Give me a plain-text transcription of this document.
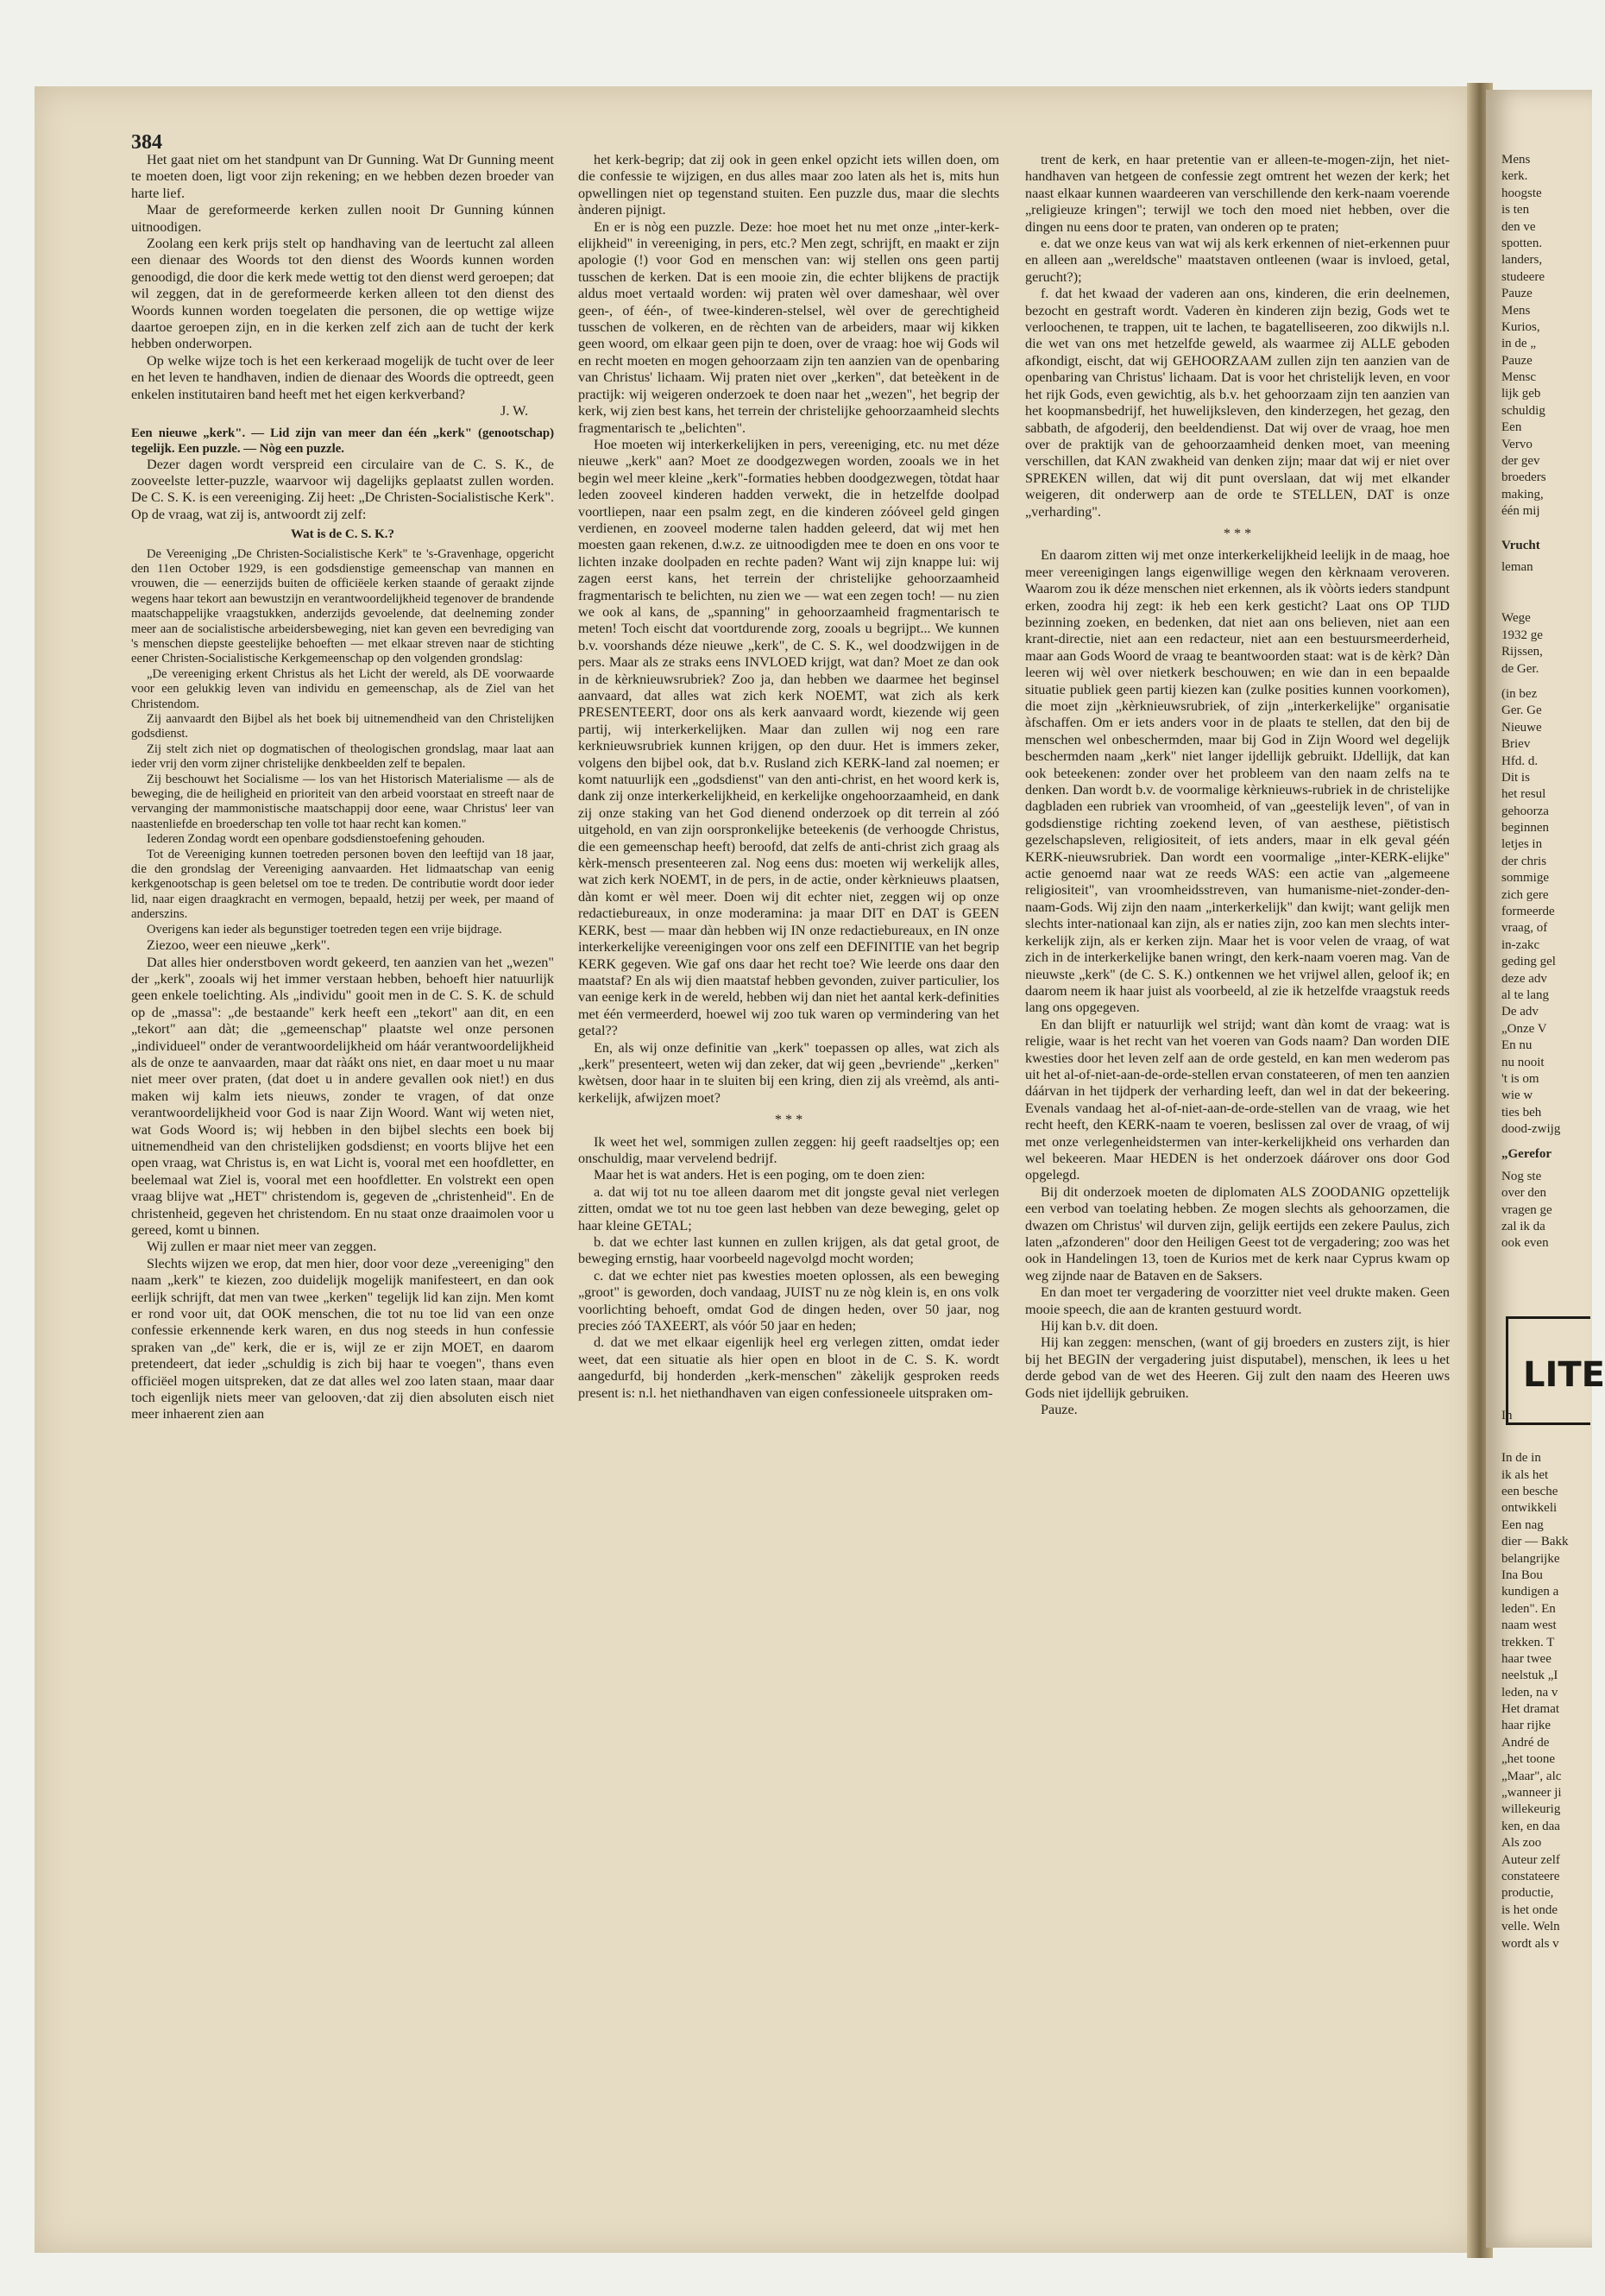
Mens
kerk.
hoogste
is ten
den ve
spotten.
landers,
studeere
Pauze
Mens
Kurios,
in de „
Pauze
Mensc
lijk geb
schuldig
Een
Vervo
der gev
broeders
making,
één mij
Vrucht
leman
Wege
1932 ge
Rijssen,
de Ger.
(in bez
Ger. Ge
Nieuwe
Briev
Hfd. d.
Dit is
het resul
gehoorza
beginnen
letjes in
der chris
sommige
zich gere
formeerde
vraag, of
in-zakc
geding gel
deze adv
al te lang
De adv
„Onze V
En nu
nu nooit
't is om
wie w
ties beh
dood-zwijg
„Gerefor
Nog ste
over den
vragen ge
zal ik da
ook even
In
In de in
ik als het
een besche
ontwikkeli
Een nag
dier — Bakk
belangrijke
Ina Bou
kundigen a
leden". En
naam west
trekken. T
haar twee
neelstuk „I
leden, na v
Het dramat
haar rijke
André de
„het toone
„Maar", alc
„wanneer ji
willekeurig
ken, en daa
Als zoo
Auteur zelf
constateere
productie,
is het onde
velle. Weln
wordt als v
384

Het gaat niet om het standpunt van Dr Gunning. Wat Dr Gunning meent te moeten doen, ligt voor zijn rekening; en we hebben dezen broeder van harte lief.

Maar de gereformeerde kerken zullen nooit Dr Gunning kúnnen uitnoodigen.

Zoolang een kerk prijs stelt op handhaving van de leertucht zal alleen een dienaar des Woords tot den dienst des Woords kunnen worden genoodigd, die door die kerk mede wettig tot den dienst werd geroepen; dat wil zeggen, dat in de gereformeerde kerken alleen tot den dienst des Woords kunnen worden toegelaten die personen, die op wettige wijze daartoe geroepen zijn, en in die kerken zelf zich aan de tucht der kerk hebben onderworpen.

Op welke wijze toch is het een kerkeraad mogelijk de tucht over de leer en het leven te handhaven, indien de dienaar des Woords die optreedt, geen enkelen institutairen band heeft met het eigen kerkverband?

J. W.

Een nieuwe „kerk". — Lid zijn van meer dan één „kerk" (genootschap) tegelijk. Een puzzle. — Nòg een puzzle.

Dezer dagen wordt verspreid een circulaire van de C. S. K., de zooveelste letter-puzzle, waarvoor wij dagelijks geplaatst zullen worden. De C. S. K. is een vereeniging. Zij heet: „De Christen-Socialistische Kerk". Op de vraag, wat zij is, antwoordt zij zelf:

Wat is de C. S. K.?

De Vereeniging „De Christen-Socialistische Kerk" te 's-Gravenhage, opgericht den 11en October 1929, is een godsdienstige gemeenschap van mannen en vrouwen, die — eenerzijds buiten de officiëele kerken staande of geraakt zijnde wegens haar tekort aan bewustzijn en verantwoordelijkheid tegenover de brandende maatschappelijke vraagstukken, anderzijds gevoelende, dat deelneming zonder meer aan de socialistische arbeidersbeweging, niet kan geven een bevrediging van 's menschen diepste geestelijke behoeften — met elkaar streven naar de stichting eener Christen-Socialistische Kerkgemeenschap op den volgenden grondslag:

„De vereeniging erkent Christus als het Licht der wereld, als DE voorwaarde voor een gelukkig leven van individu en gemeenschap, als de Ziel van het Christendom.

Zij aanvaardt den Bijbel als het boek bij uitnemendheid van den Christelijken godsdienst.

Zij stelt zich niet op dogmatischen of theologischen grondslag, maar laat aan ieder vrij den vorm zijner christelijke denkbeelden zelf te bepalen.

Zij beschouwt het Socialisme — los van het Historisch Materialisme — als de beweging, die de heiligheid en prioriteit van den arbeid voorstaat en streeft naar de vervanging der mammonistische maatschappij door eene, waar Christus' leer van naastenliefde en broederschap ten volle tot haar recht kan komen."

Iederen Zondag wordt een openbare godsdienstoefening gehouden.

Tot de Vereeniging kunnen toetreden personen boven den leeftijd van 18 jaar, die den grondslag der Vereeniging aanvaarden. Het lidmaatschap van eenig kerkgenootschap is geen beletsel om toe te treden. De contributie wordt door ieder lid, naar eigen draagkracht en vermogen, bepaald, hetzij per week, per maand of anderszins.

Overigens kan ieder als begunstiger toetreden tegen een vrije bijdrage.

Ziezoo, weer een nieuwe „kerk".

Dat alles hier onderstboven wordt gekeerd, ten aanzien van het „wezen" der „kerk", zooals wij het immer verstaan hebben, behoeft hier natuurlijk geen enkele toelichting. Als „individu" gooit men in de C. S. K. de schuld op de „massa": „de bestaande" kerk heeft een „tekort" aan dit, en een „tekort" aan dàt; die „gemeenschap" plaatste wel onze personen „individueel" onder de verantwoordelijkheid om háár verantwoordelijkheid als de onze te aanvaarden, maar dat ràákt ons niet, en daar moet u nu maar niet meer over praten, (dat doet u in andere gevallen ook niet!) en dus maken wij kalm iets nieuws, zonder te vragen, of dat onze verantwoordelijkheid voor God is naar Zijn Woord. Want wij weten niet, wat Gods Woord is; wij hebben in den bijbel slechts een boek bij uitnemendheid van den christelijken godsdienst; en voorts blijve het een open vraag, wat Christus is, en wat Licht is, vooral met een hoofdletter, en beelemaal wat Ziel is, vooral met een hoofdletter. En volstrekt een open vraag blijve wat „HET" christendom is, gegeven de „christenheid". En de christenheid, gegeven het christendom. En nu staat onze draaimolen voor u gereed, komt u binnen.

Wij zullen er maar niet meer van zeggen.

Slechts wijzen we erop, dat men hier, door voor deze „vereeniging" den naam „kerk" te kiezen, zoo duidelijk mogelijk manifesteert, en dan ook eerlijk schrijft, dat men van twee „kerken" tegelijk lid kan zijn. Men komt er rond voor uit, dat OOK menschen, die tot nu toe lid van een onze confessie erkennende kerk waren, en dus nog steeds in hun confessie spraken van „de" kerk, die er is, wijl ze er zijn MOET, en daarom pretendeert, dat ieder „schuldig is zich bij haar te voegen", thans even officiëel mogen uitspreken, dat ze dat alles wel zoo laten staan, maar daar toch eigenlijk niets meer van gelooven,·dat zij dien absoluten eisch niet meer inhaerent zien aan

het kerk-begrip; dat zij ook in geen enkel opzicht iets willen doen, om die confessie te wijzigen, en dus alles maar zoo laten als het is, mits hun opwellingen niet op tegenstand stuiten. Een puzzle dus, maar die slechts ànderen pijnigt.

En er is nòg een puzzle. Deze: hoe moet het nu met onze „inter-kerk-elijkheid" in vereeniging, in pers, etc.? Men zegt, schrijft, en maakt er zijn apologie (!) voor God en menschen van: wij stellen ons geen partij tusschen de kerken. Dat is een mooie zin, die echter blijkens de practijk aldus moet vertaald worden: wij praten wèl over dameshaar, wèl over geen-, of één-, of twee-kinderen-stelsel, wèl over de gerechtigheid tusschen de volkeren, en de rèchten van de arbeiders, maar wij kikken geen woord, om elkaar geen pijn te doen, over de vraag: hoe wij Gods wil en recht moeten en mogen gehoorzaam zijn ten aanzien van de openbaring van Christus' lichaam. Wij praten niet over „kerken", dat beteèkent in de practijk: wij weigeren onderzoek te doen naar het „wezen", het begrip der kerk, wij zien best kans, het terrein der christelijke gehoorzaamheid slechts fragmentarisch te „belichten".

Hoe moeten wij interkerkelijken in pers, vereeniging, etc. nu met déze nieuwe „kerk" aan? Moet ze doodgezwegen worden, zooals we in het begin wel meer kleine „kerk"-formaties hebben doodgezwegen, tòtdat haar leden zooveel kinderen hadden verwekt, die in hetzelfde doolpad voortliepen, naar een psalm zegt, en die kinderen zóóveel geld gingen verdienen, en zooveel moderne talen hadden geleerd, dat wij met hen moesten gaan rekenen, d.w.z. ze uitnoodigden mee te doen en ons voor te lichten inzake doolpaden en rechte paden? Want wij zijn knappe lui: wij zagen eerst kans, het terrein der christelijke gehoorzaamheid fragmentarisch te belichten, nu zien we — wat een zegen toch! — nu zien we ook al kans, de „spanning" in gehoorzaamheid fragmentarisch te meten! Toch eischt dat voortdurende zorg, zooals u begrijpt... We kunnen b.v. voorshands déze nieuwe „kerk", de C. S. K., wel doodzwijgen in de pers. Maar als ze straks eens INVLOED krijgt, wat dan? Moet ze dan ook in de kèrknieuwsrubriek? Zoo ja, dan hebben we daarmee het beginsel aanvaard, dat alles wat zich kerk NOEMT, wat zich als kerk PRESENTEERT, door ons als kerk aanvaard wordt, kiezende wij geen partij, wij interkerkelijken. Maar dan zullen wij nog een rare kerknieuwsrubriek kunnen krijgen, op den duur. Het is immers zeker, volgens den bijbel ook, dat b.v. Rusland zich KERK-land zal noemen; er komt natuurlijk een „godsdienst" van den anti-christ, en het woord kerk is, dank zij onze interkerkelijkheid, en kerkelijke ongehoorzaamheid, en dank zij onze staking van het God dienend onderzoek op dit terrein al zóó uitgehold, en van zijn oorspronkelijke beteekenis (de verhoogde Christus, die een gemeenschap heeft) beroofd, dat zelfs de anti-christ zich graag als kèrk-mensch presenteeren zal. Nog eens dus: moeten wij werkelijk alles, wat zich kerk NOEMT, in de pers, in de actie, onder kèrknieuws plaatsen, dàn komt er wèl meer. Doen wij dit echter niet, zeggen wij op onze redactiebureaux, in onze moderamina: ja maar DIT en DAT is GEEN KERK, best — maar dàn hebben wij IN onze redactiebureaux, en IN onze interkerkelijke vereenigingen voor ons zelf een DEFINITIE van het begrip KERK gegeven. Wie gaf ons daar het recht toe? Wie leerde ons daar den maatstaf? En als wij dien maatstaf hebben gevonden, zuiver particulier, los van eenige kerk in de wereld, hebben wij dan niet het aantal kerk-definities met één vermeerderd, hoewel wij zoo tuk waren op vermindering van het getal??

En, als wij onze definitie van „kerk" toepassen op alles, wat zich als „kerk" presenteert, weten wij dan zeker, dat wij geen „bevriende" „kerken" kwètsen, door haar in te sluiten bij een kring, dien zij als vreèmd, als anti-kerkelijk, afwijzen moet?

* * *

Ik weet het wel, sommigen zullen zeggen: hij geeft raadseltjes op; een onschuldig, maar vervelend bedrijf.

Maar het is wat anders. Het is een poging, om te doen zien:

a. dat wij tot nu toe alleen daarom met dit jongste geval niet verlegen zitten, omdat we tot nu toe geen last hebben van deze beweging, gelet op haar kleine GETAL;

b. dat we echter last kunnen en zullen krijgen, als dat getal groot, de beweging ernstig, haar voorbeeld nagevolgd mocht worden;

c. dat we echter niet pas kwesties moeten oplossen, als een beweging „groot" is geworden, doch vandaag, JUIST nu ze nòg klein is, en ons volk voorlichting behoeft, omdat God de dingen heden, over 50 jaar, nog precies zóó TAXEERT, als vóór 50 jaar en heden;

d. dat we met elkaar eigenlijk heel erg verlegen zitten, omdat ieder weet, dat een situatie als hier open en bloot in de C. S. K. wordt aangedurfd, bij honderden „kerk-menschen" zàkelijk gesproken reeds present is: n.l. het niethandhaven van eigen confessioneele uitspraken om-

trent de kerk, en haar pretentie van er alleen-te-mogen-zijn, het niet-handhaven van hetgeen de confessie zegt omtrent het wezen der kerk; het naast elkaar kunnen waardeeren van verschillende den kerk-naam voerende „religieuze kringen"; terwijl we toch den moed niet hebben, over die dingen nu eens door te praten, van onderen op te praten;

e. dat we onze keus van wat wij als kerk erkennen of niet-erkennen puur en alleen aan „wereldsche" maatstaven ontleenen (waar is invloed, getal, gerucht?);

f. dat het kwaad der vaderen aan ons, kinderen, die erin deelnemen, bezocht en gestraft wordt. Vaderen èn kinderen zijn bezig, Gods wet te verloochenen, te trappen, uit te lachen, te bagatelliseeren, zoo dikwijls n.l. die wet van ons met hetzelfde geweld, als waarmee zij ALLE geboden afkondigt, eischt, dat wij GEHOORZAAM zullen zijn ten aanzien van de openbaring van Christus' lichaam. Dat is voor het christelijk leven, en voor het rijk Gods, even gewichtig, als b.v. het gehoorzaam zijn ten aanzien van het koopmansbedrijf, het huwelijksleven, den kinderzegen, het gezag, den sabbath, de afgoderij, den beeldendienst. Dat wij over de vraag, hoe men over de praktijk van de gehoorzaamheid denken moet, van meening verschillen, dat KAN zwakheid van denken zijn; maar dat wij er niet over SPREKEN willen, dat wij dit punt overslaan, dat wij met elkander weigeren, dit onderwerp aan de orde te STELLEN, DAT is onze „verharding".

* * *

En daarom zitten wij met onze interkerkelijkheid leelijk in de maag, hoe meer vereenigingen langs eigenwillige wegen den kèrknaam veroveren. Waarom zou ik déze menschen niet erkennen, als ik vòòrts ieders standpunt erken, zoodra hij zegt: ik heb een kerk gesticht? Laat ons OP TIJD bezinning zoeken, en bedenken, dat niet aan ons believen, niet aan een krant-directie, niet aan een redacteur, niet aan een bestuursmeerderheid, maar aan Gods Woord de vraag te beantwoorden staat: wat is de kèrk? Dàn leeren wij wèl over nietkerk beschouwen; en wie dan in een bepaalde situatie publiek geen partij kiezen kan (zulke posities kunnen voorkomen), die moet zijn „kèrknieuwsrubriek, of zijn „interkerkelijke" organisatie àfschaffen. Om er iets anders voor in de plaats te stellen, dat den bij de menschen wel onbeschermden, maar bij God in Zijn Woord wel degelijk beschermden naam „kerk" niet langer ijdellijk gebruikt. IJdellijk, dat kan ook beteekenen: zonder over het probleem van den naam zelfs na te denken. Dan wordt b.v. de voormalige kèrknieuws-rubriek in de christelijke dagbladen een rubriek van vroomheid, of van „geestelijk leven", of van in godsdienstige richting zoekend leven, of van aesthese, piëtistisch gezelschapsleven, religiositeit, of iets anders, maar in elk geval géén KERK-nieuwsrubriek. Dan wordt een voormalige „inter-KERK-elijke" actie genoemd naar wat ze reeds WAS: een actie van „algemeene religiositeit", van vroomheidsstreven, van humanisme-niet-zonder-den-naam-Gods. Wij zijn den naam „interkerkelijk" dan kwijt; want gelijk men slechts inter-nationaal kan zijn, als er naties zijn, zoo kan men slechts inter-kerkelijk zijn, als er kerken zijn. Maar het is voor velen de vraag, of wat zich in de interkerkelijke banen wringt, den kerk-naam voeren mag. Van de nieuwste „kerk" (de C. S. K.) ontkennen we het vrijwel allen, geloof ik; en daarom neem ik haar juist als voorbeeld, al zie ik hetzelfde vraagstuk reeds lang ons opgegeven.

En dan blijft er natuurlijk wel strijd; want dàn komt de vraag: wat is religie, waar is het recht van het voeren van Gods naam? Dan worden DIE kwesties door het leven zelf aan de orde gesteld, en kan men wederom pas uit het al-of-niet-aan-de-orde-stellen ervan constateeren, of men ten aanzien dáárvan in het tijdperk der verharding leeft, dan wel in dat der bekeering. Evenals vandaag het al-of-niet-aan-de-orde-stellen van de vraag, wie het recht heeft, den KERK-naam te voeren, beslissen zal over de vraag, of wij met onze verlegenheidstermen van inter-kerkelijkheid ons verharden dan wel bekeeren. Maar HEDEN is het onderzoek dáárover ons door God opgelegd.

Bij dit onderzoek moeten de diplomaten ALS ZOODANIG opzettelijk een verbod van toelating hebben. Ze mogen slechts als gehoorzamen, die dwazen om Christus' wil durven zijn, gelijk eertijds een zekere Paulus, zich laten „afzonderen" door den Heiligen Geest tot de vergadering; zoo was het ook in Handelingen 13, toen de Kurios met de kerk naar Cyprus kwam op weg zijnde naar de Bataven en de Saksers.

En dan moet ter vergadering de voorzitter niet veel drukte maken. Geen mooie speech, die aan de kranten gestuurd wordt.

Hij kan b.v. dit doen.

Hij kan zeggen: menschen, (want of gij broeders en zusters zijt, is hier bij het BEGIN der vergadering juist disputabel), menschen, ik lees u het derde gebod van de wet des Heeren. Gij zult den naam des Heeren uws Gods niet ijdellijk gebruiken.

Pauze.

LITE
